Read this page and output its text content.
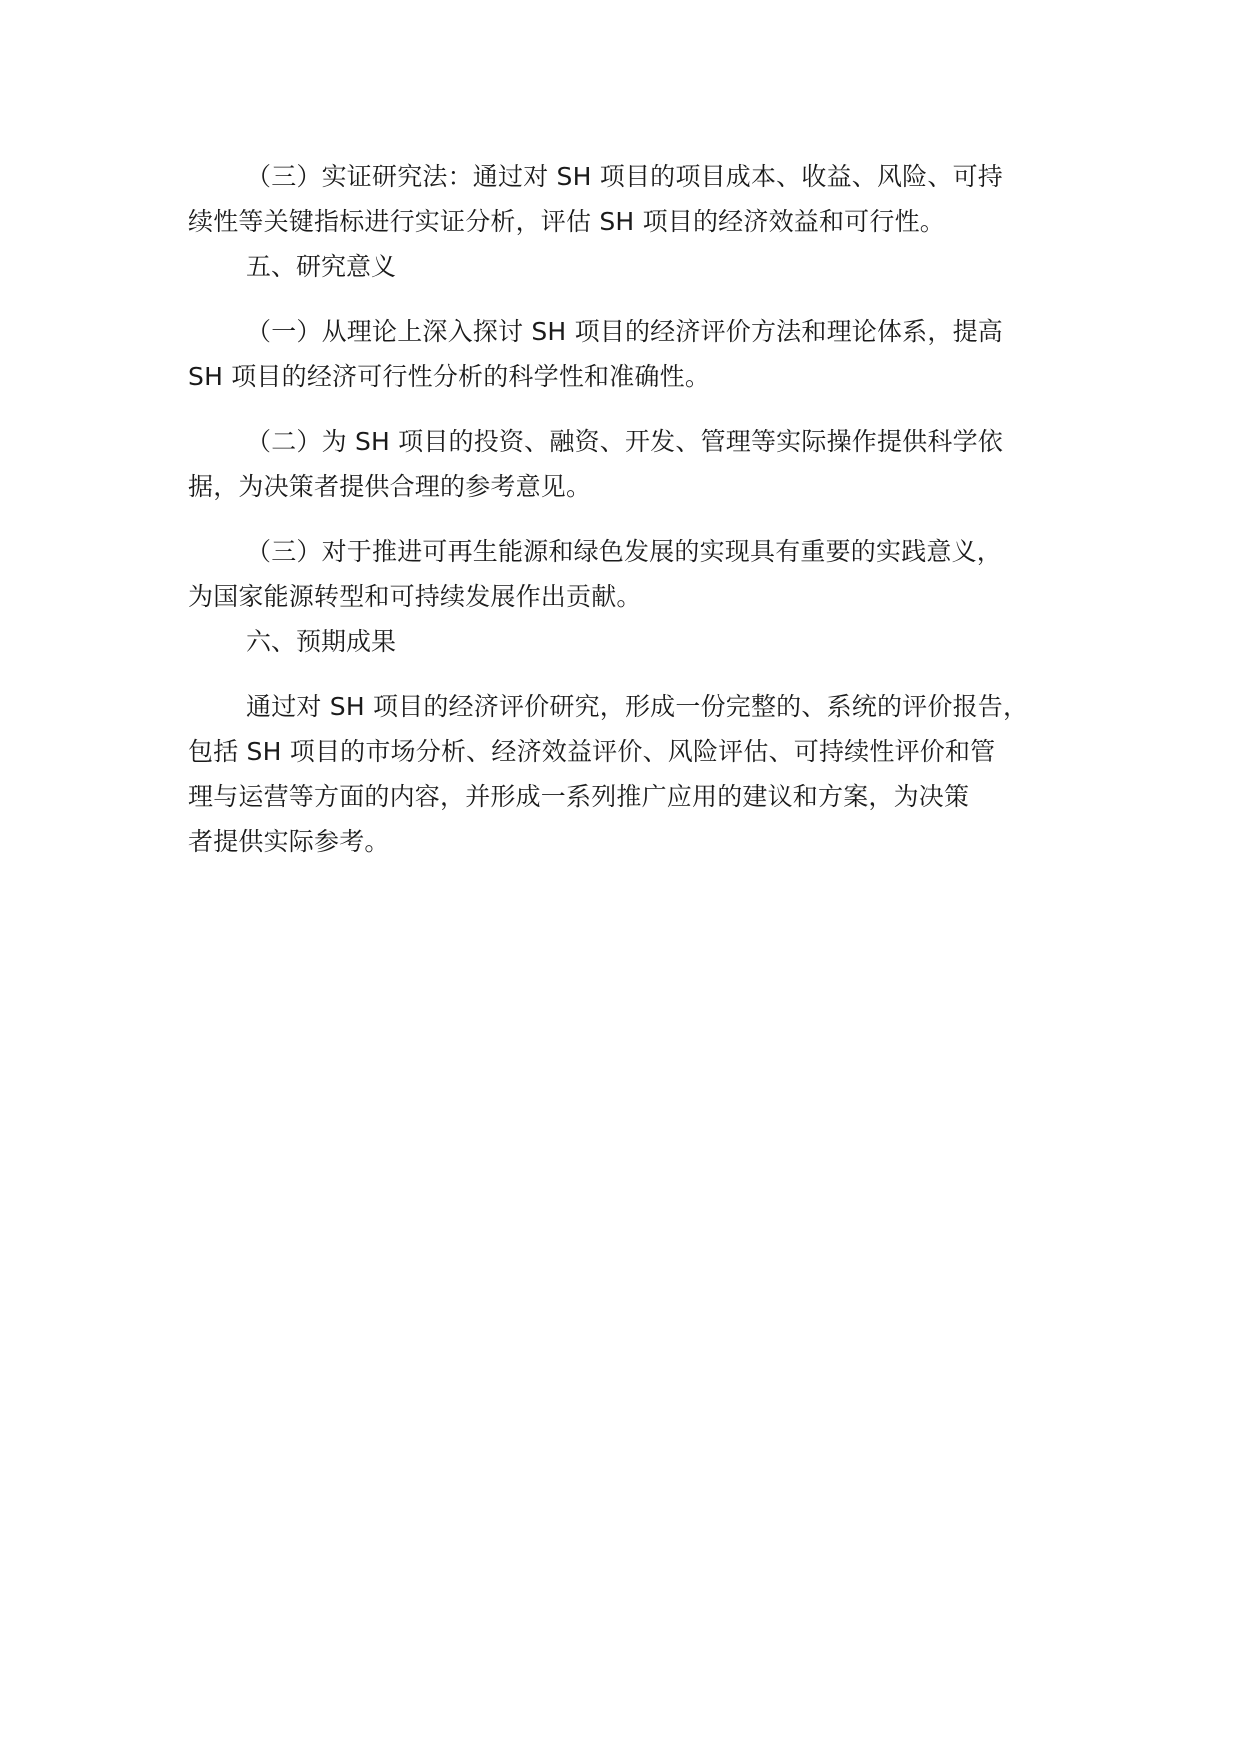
（三）实证研究法：通过对 SH 项目的项目成本、收益、风险、可持
续性等关键指标进行实证分析，评估 SH 项目的经济效益和可行性。

五、研究意义

（一）从理论上深入探讨 SH 项目的经济评价方法和理论体系，提高
SH 项目的经济可行性分析的科学性和准确性。

（二）为 SH 项目的投资、融资、开发、管理等实际操作提供科学依
据，为决策者提供合理的参考意见。

（三）对于推进可再生能源和绿色发展的实现具有重要的实践意义，
为国家能源转型和可持续发展作出贡献。

六、预期成果

通过对 SH 项目的经济评价研究，形成一份完整的、系统的评价报告，
包括 SH 项目的市场分析、经济效益评价、风险评估、可持续性评价和管
理与运营等方面的内容，并形成一系列推广应用的建议和方案，为决策
者提供实际参考。
